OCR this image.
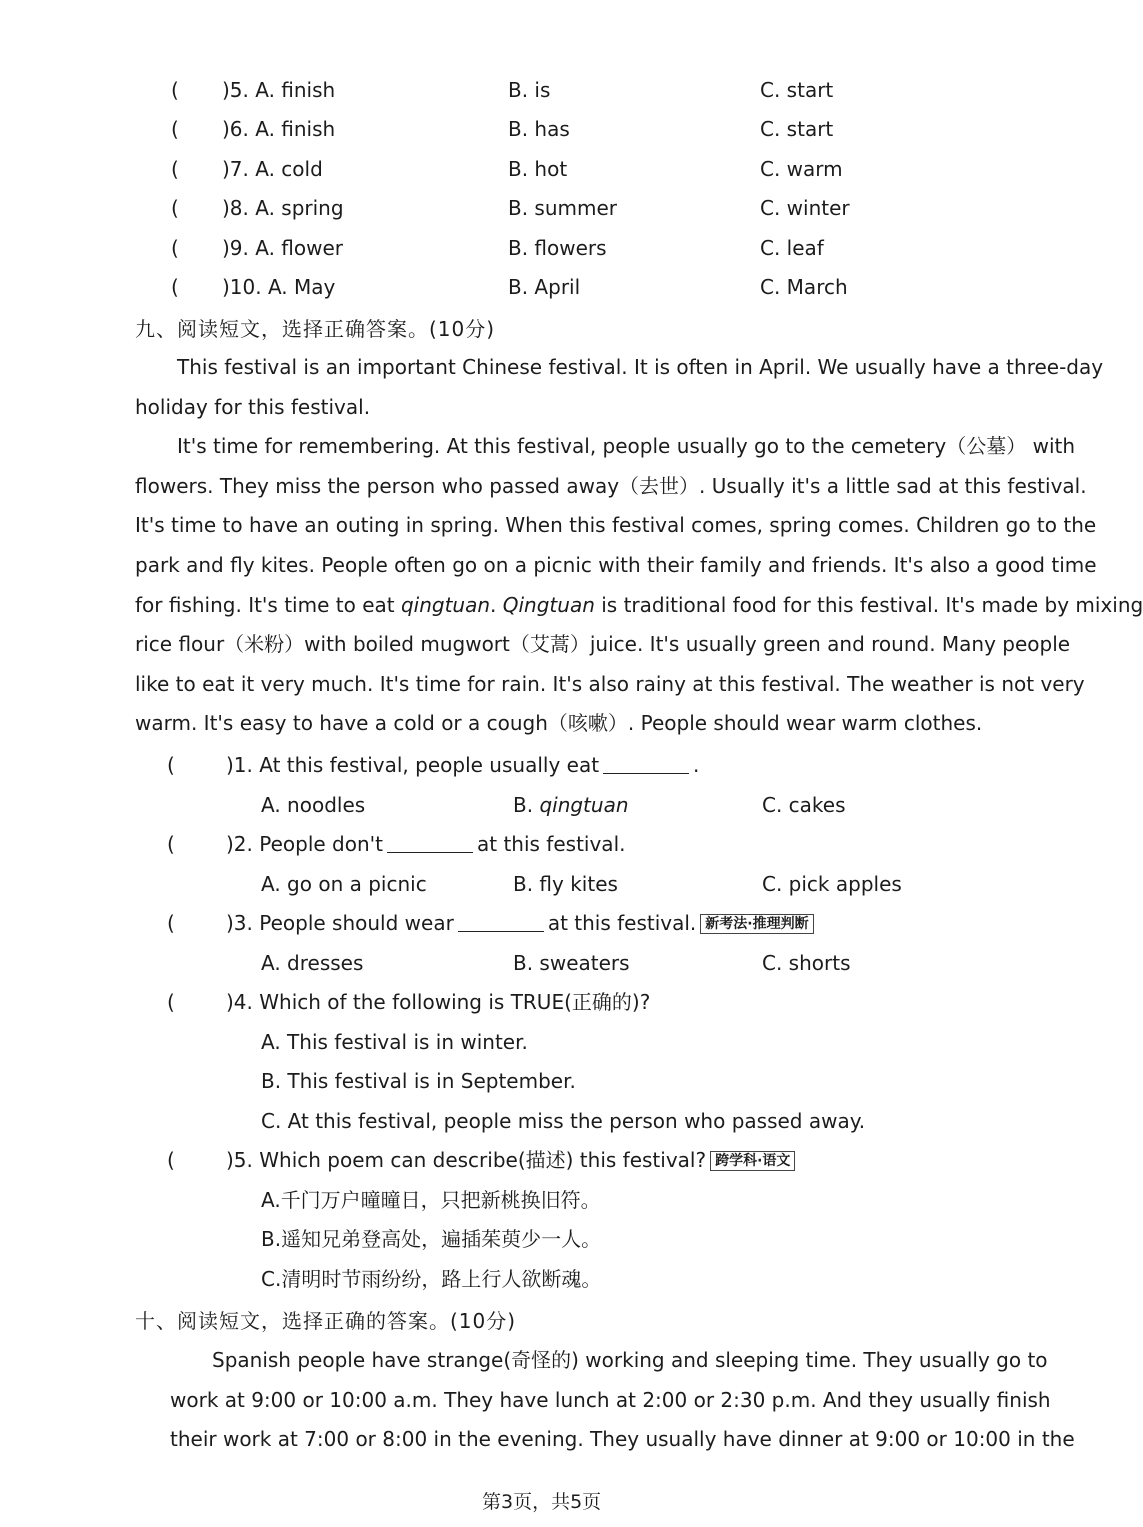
( )5. A. finish	B. is	C. start
( )6. A. finish	B. has	C. start
( )7. A. cold	B. hot	C. warm
( )8. A. spring	B. summer	C. winter
( )9. A. flower	B. flowers	C. leaf
( )10. A. May	B. April	C. March
九、阅读短文，选择正确答案。(10分)
This festival is an important Chinese festival. It is often in April. We usually have a three-day
holiday for this festival.
It's time for remembering. At this festival, people usually go to the cemetery（公墓） with
flowers. They miss the person who passed away（去世）. Usually it's a little sad at this festival.
It's time to have an outing in spring. When this festival comes, spring comes. Children go to the
park and fly kites. People often go on a picnic with their family and friends. It's also a good time
for fishing. It's time to eat qingtuan. Qingtuan is traditional food for this festival. It's made by mixing
rice flour（米粉）with boiled mugwort（艾蒿）juice. It's usually green and round. Many people
like to eat it very much. It's time for rain. It's also rainy at this festival. The weather is not very
warm. It's easy to have a cold or a cough（咳嗽）. People should wear warm clothes.
(	)1. At this festival, people usually eat	.
A. noodles	B. qingtuan	C. cakes
(	)2. People don't	at this festival.
A. go on a picnic	B. fly kites	C. pick apples
(	)3. People should wear	at this festival. 新考法·推理判断
A. dresses	B. sweaters	C. shorts
(	)4. Which of the following is TRUE(正确的)?
A. This festival is in winter.
B. This festival is in September.
C. At this festival, people miss the person who passed away.
(	)5. Which poem can describe(描述) this festival? 跨学科·语文
A.千门万户曈曈日，只把新桃换旧符。
B.遥知兄弟登高处，遍插茱萸少一人。
C.清明时节雨纷纷，路上行人欲断魂。
十、阅读短文，选择正确的答案。(10分)
Spanish people have strange(奇怪的) working and sleeping time. They usually go to
work at 9:00 or 10:00 a.m. They have lunch at 2:00 or 2:30 p.m. And they usually finish
their work at 7:00 or 8:00 in the evening. They usually have dinner at 9:00 or 10:00 in the
第3页，共5页
